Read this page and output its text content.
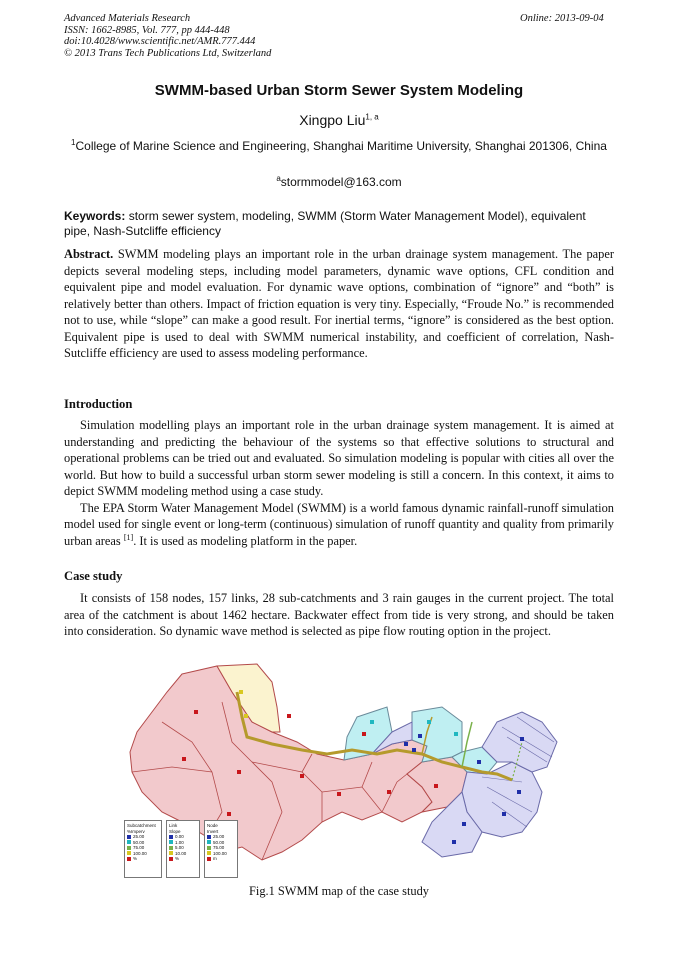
Advanced Materials Research
ISSN: 1662-8985, Vol. 777, pp 444-448
doi:10.4028/www.scientific.net/AMR.777.444
© 2013 Trans Tech Publications Ltd, Switzerland
Online: 2013-09-04
SWMM-based Urban Storm Sewer System Modeling
Xingpo Liu$^{1, a}$
$^1$College of Marine Science and Engineering, Shanghai Maritime University, Shanghai 201306, China
$^a$stormmodel@163.com
Keywords: storm sewer system, modeling, SWMM (Storm Water Management Model), equivalent pipe, Nash-Sutcliffe efficiency

Abstract. SWMM modeling plays an important role in the urban drainage system management. The paper depicts several modeling steps, including model parameters, dynamic wave options, CFL condition and equivalent pipe and model evaluation. For dynamic wave options, combination of “ignore” and “both” is relatively better than others. Impact of friction equation is very tiny. Especially, “Froude No.” is recommended not to use, while “slope” can make a good result. For inertial terms, “ignore” is considered as the best option. Equivalent pipe is used to deal with SWMM numerical instability, and coefficient of correlation, Nash-Sutcliffe efficiency are used to assess modeling performance.

Introduction

Simulation modelling plays an important role in the urban drainage system management. It is aimed at understanding and predicting the behaviour of the systems so that effective solutions to structural and operational problems can be tried out and evaluated. So simulation modeling is popular with cities all over the world. But how to build a successful urban storm sewer modeling is still a concern. In this context, it aims to depict SWMM modeling method using a case study.

The EPA Storm Water Management Model (SWMM) is a world famous dynamic rainfall-runoff simulation model used for single event or long-term (continuous) simulation of runoff quantity and quality from primarily urban areas [1]. It is used as modeling platform in the paper.

Case study

It consists of 158 nodes, 157 links, 28 sub-catchments and 3 rain gauges in the current project. The total area of the catchment is about 1462 hectare. Backwater effect from tide is very strong, and should be taken into consideration. So dynamic wave method is selected as pipe flow routing option in the project.

Subcatchment
%Imperv
25.00
50.00
75.00
100.00
%
Link
Slope
0.00
1.00
5.00
10.00
%
Node
Invert
25.00
50.00
75.00
100.00
m
Fig.1 SWMM map of the case study
